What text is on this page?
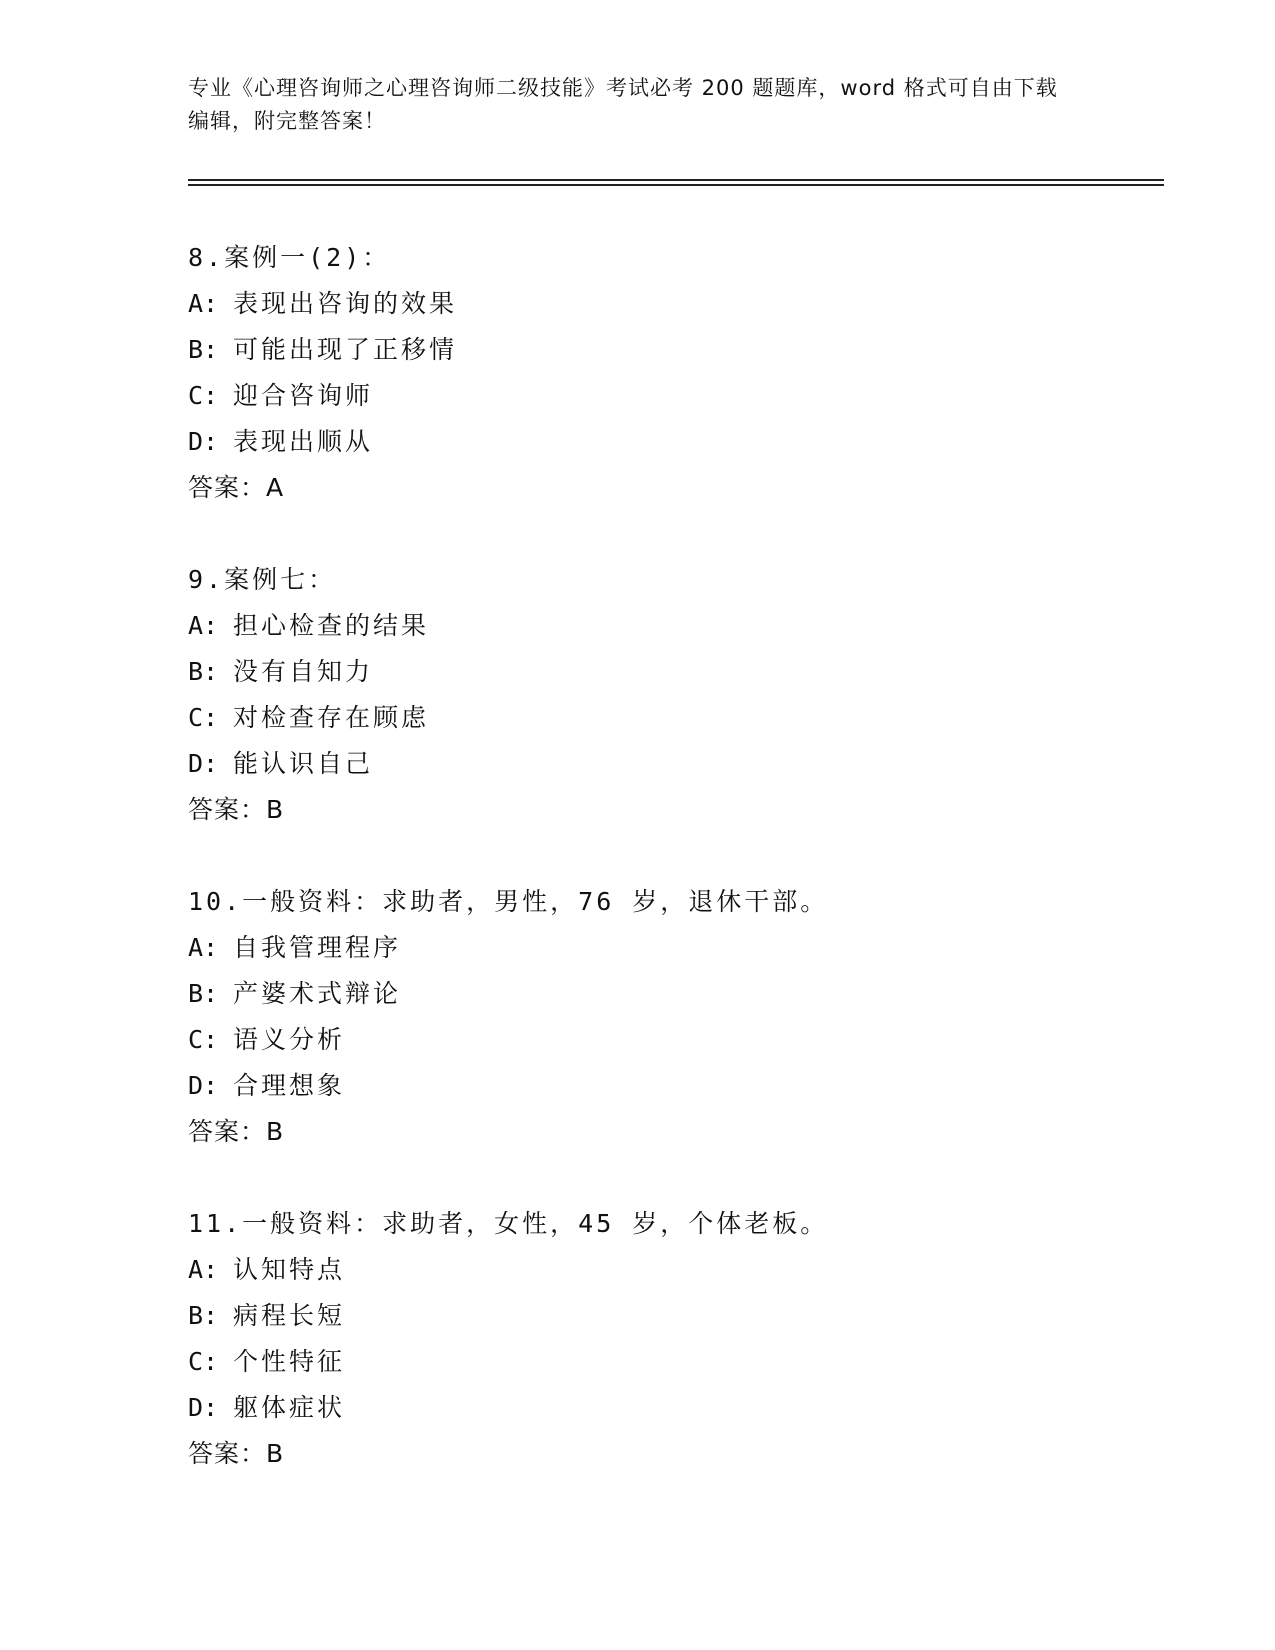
专业《心理咨询师之心理咨询师二级技能》考试必考 200 题题库，word 格式可自由下载编辑，附完整答案！
8.案例一(2)：
A: 表现出咨询的效果
B: 可能出现了正移情
C: 迎合咨询师
D: 表现出顺从
答案：A
9.案例七：
A: 担心检查的结果
B: 没有自知力
C: 对检查存在顾虑
D: 能认识自己
答案：B
10.一般资料：求助者，男性，76 岁，退休干部。
A: 自我管理程序
B: 产婆术式辩论
C: 语义分析
D: 合理想象
答案：B
11.一般资料：求助者，女性，45 岁，个体老板。
A: 认知特点
B: 病程长短
C: 个性特征
D: 躯体症状
答案：B
